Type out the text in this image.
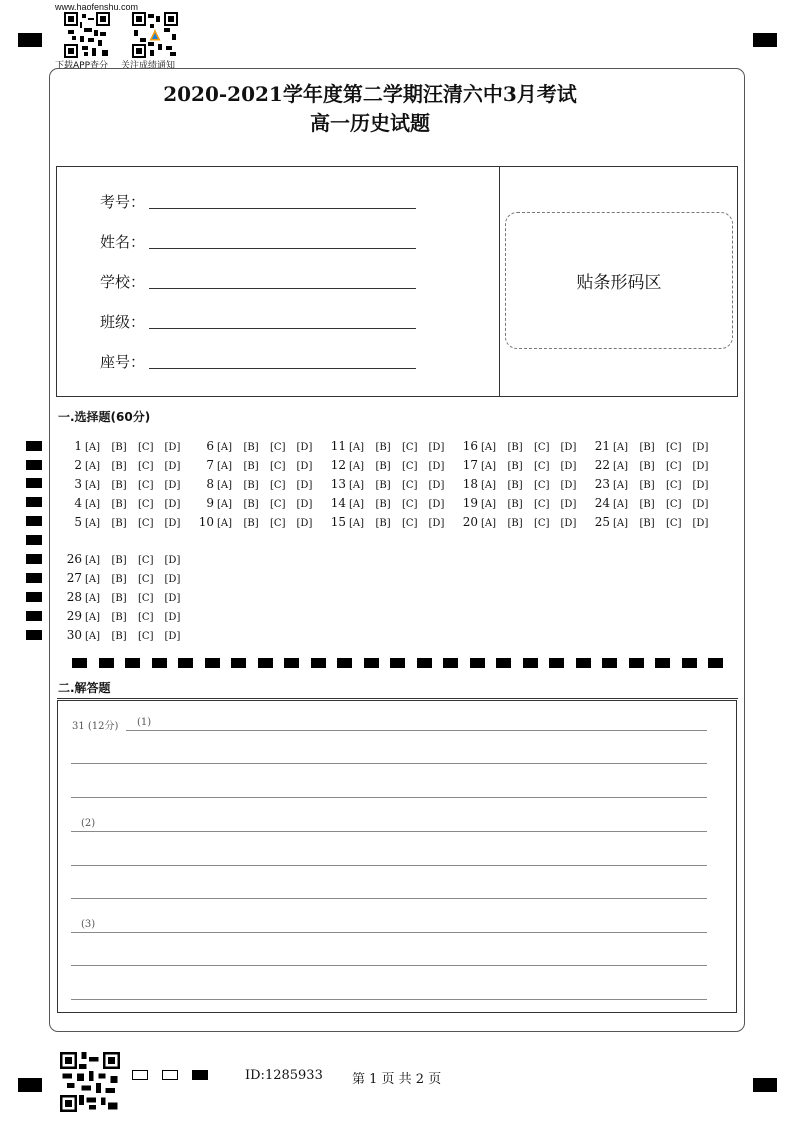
www.haofenshu.com
下载APP查分 关注成绩通知
2020-2021学年度第二学期汪清六中3月考试
高一历史试题
考号：
姓名：
学校：
班级：
座号：
贴条形码区
一.选择题(60分)
1 [A] [B] [C] [D]
2 [A] [B] [C] [D]
3 [A] [B] [C] [D]
4 [A] [B] [C] [D]
5 [A] [B] [C] [D]
6 [A] [B] [C] [D]
7 [A] [B] [C] [D]
8 [A] [B] [C] [D]
9 [A] [B] [C] [D]
10 [A] [B] [C] [D]
11 [A] [B] [C] [D]
12 [A] [B] [C] [D]
13 [A] [B] [C] [D]
14 [A] [B] [C] [D]
15 [A] [B] [C] [D]
16 [A] [B] [C] [D]
17 [A] [B] [C] [D]
18 [A] [B] [C] [D]
19 [A] [B] [C] [D]
20 [A] [B] [C] [D]
21 [A] [B] [C] [D]
22 [A] [B] [C] [D]
23 [A] [B] [C] [D]
24 [A] [B] [C] [D]
25 [A] [B] [C] [D]
26 [A] [B] [C] [D]
27 [A] [B] [C] [D]
28 [A] [B] [C] [D]
29 [A] [B] [C] [D]
30 [A] [B] [C] [D]
二.解答题
31 (12分) (1)
(2)
(3)
ID:1285933 第 1 页 共 2 页
